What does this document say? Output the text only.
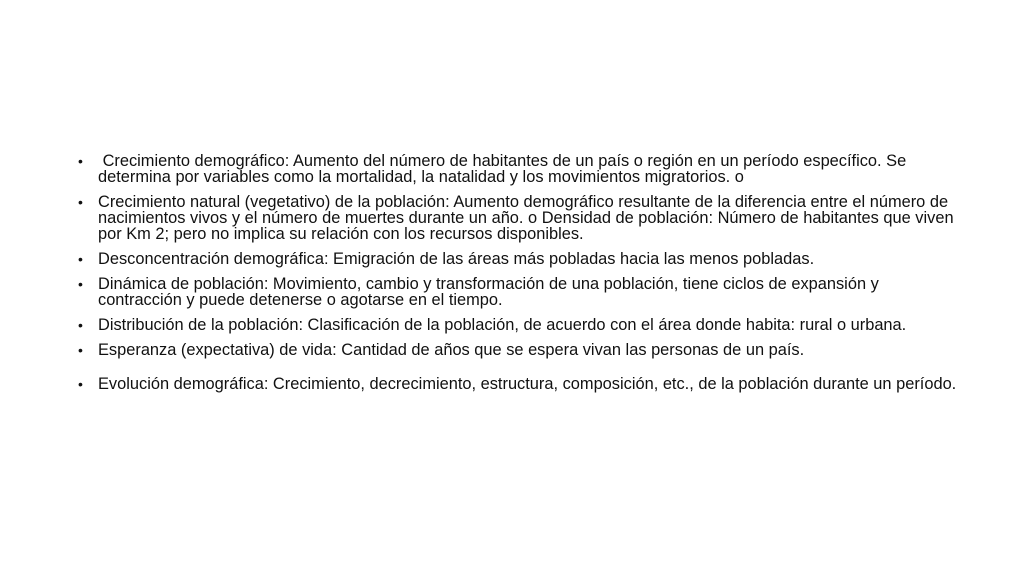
• Crecimiento demográfico: Aumento del número de habitantes de un país o región en un período específico. Se determina por variables como la mortalidad, la natalidad y los movimientos migratorios. o
• Crecimiento natural (vegetativo) de la población: Aumento demográfico resultante de la diferencia entre el número de nacimientos vivos y el número de muertes durante un año. o Densidad de población: Número de habitantes que viven por Km 2; pero no implica su relación con los recursos disponibles.
• Desconcentración demográfica: Emigración de las áreas más pobladas hacia las menos pobladas.
• Dinámica de población: Movimiento, cambio y transformación de una población, tiene ciclos de expansión y contracción y puede detenerse o agotarse en el tiempo.
• Distribución de la población: Clasificación de la población, de acuerdo con el área donde habita: rural o urbana.
• Esperanza (expectativa) de vida: Cantidad de años que se espera vivan las personas de un país.
• Evolución demográfica: Crecimiento, decrecimiento, estructura, composición, etc., de la población durante un período.
